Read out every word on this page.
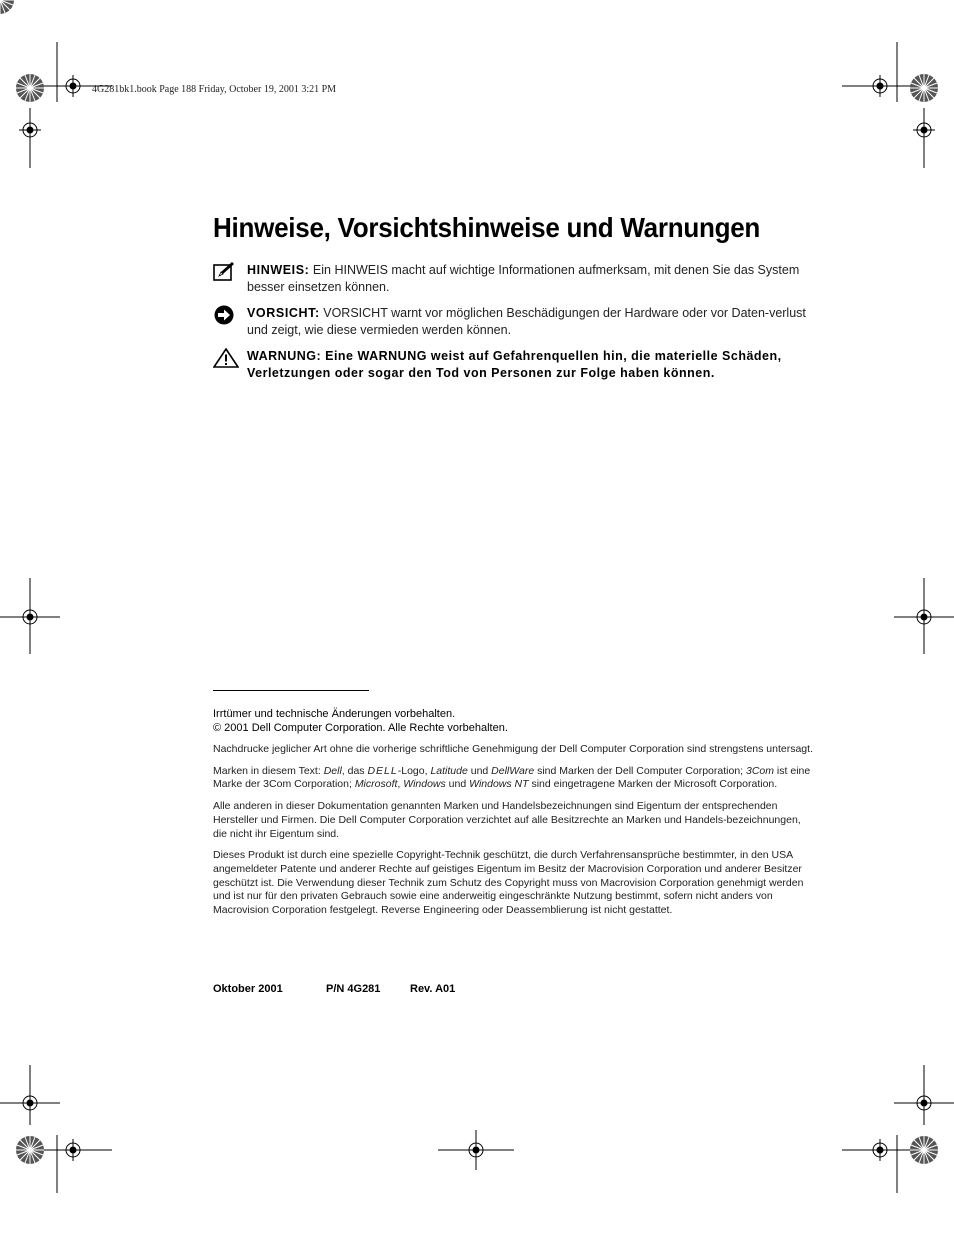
4G281bk1.book Page 188 Friday, October 19, 2001 3:21 PM
Hinweise, Vorsichtshinweise und Warnungen
HINWEIS: Ein HINWEIS macht auf wichtige Informationen aufmerksam, mit denen Sie das System besser einsetzen können.
VORSICHT: VORSICHT warnt vor möglichen Beschädigungen der Hardware oder vor Daten-verlust und zeigt, wie diese vermieden werden können.
WARNUNG: Eine WARNUNG weist auf Gefahrenquellen hin, die materielle Schäden, Verletzungen oder sogar den Tod von Personen zur Folge haben können.

Irrtümer und technische Änderungen vorbehalten.
© 2001 Dell Computer Corporation. Alle Rechte vorbehalten.

Nachdrucke jeglicher Art ohne die vorherige schriftliche Genehmigung der Dell Computer Corporation sind strengstens untersagt.

Marken in diesem Text: Dell, das DELL-Logo, Latitude und DellWare sind Marken der Dell Computer Corporation; 3Com ist eine Marke der 3Com Corporation; Microsoft, Windows und Windows NT sind eingetragene Marken der Microsoft Corporation.

Alle anderen in dieser Dokumentation genannten Marken und Handelsbezeichnungen sind Eigentum der entsprechenden Hersteller und Firmen. Die Dell Computer Corporation verzichtet auf alle Besitzrechte an Marken und Handels-bezeichnungen, die nicht ihr Eigentum sind.

Dieses Produkt ist durch eine spezielle Copyright-Technik geschützt, die durch Verfahrensansprüche bestimmter, in den USA angemeldeter Patente und anderer Rechte auf geistiges Eigentum im Besitz der Macrovision Corporation und anderer Besitzer geschützt ist. Die Verwendung dieser Technik zum Schutz des Copyright muss von Macrovision Corporation genehmigt werden und ist nur für den privaten Gebrauch sowie eine anderweitig eingeschränkte Nutzung bestimmt, sofern nicht anders von Macrovision Corporation festgelegt. Reverse Engineering oder Deassemblierung ist nicht gestattet.

Oktober 2001	P/N 4G281	Rev. A01
